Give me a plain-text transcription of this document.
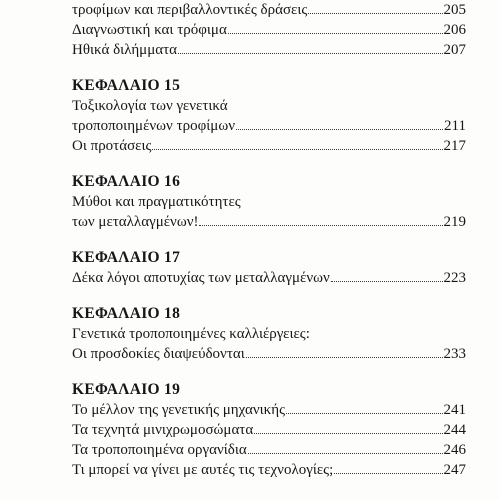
τροφίμων και περιβαλλοντικές δράσεις	205
Διαγνωστική και τρόφιμα	206
Ηθικά διλήμματα	207
ΚΕΦΑΛΑΙΟ 15
Τοξικολογία των γενετικά
τροποποιημένων τροφίμων	211
Οι προτάσεις	217
ΚΕΦΑΛΑΙΟ 16
Μύθοι και πραγματικότητες
των μεταλλαγμένων!	219
ΚΕΦΑΛΑΙΟ 17
Δέκα λόγοι αποτυχίας των μεταλλαγμένων	223
ΚΕΦΑΛΑΙΟ 18
Γενετικά τροποποιημένες καλλιέργειες:
Οι προσδοκίες διαψεύδονται	233
ΚΕΦΑΛΑΙΟ 19
Το μέλλον της γενετικής μηχανικής	241
Τα τεχνητά μινιχρωμοσώματα	244
Τα τροποποιημένα οργανίδια	246
Τι μπορεί να γίνει με αυτές τις τεχνολογίες;	247
